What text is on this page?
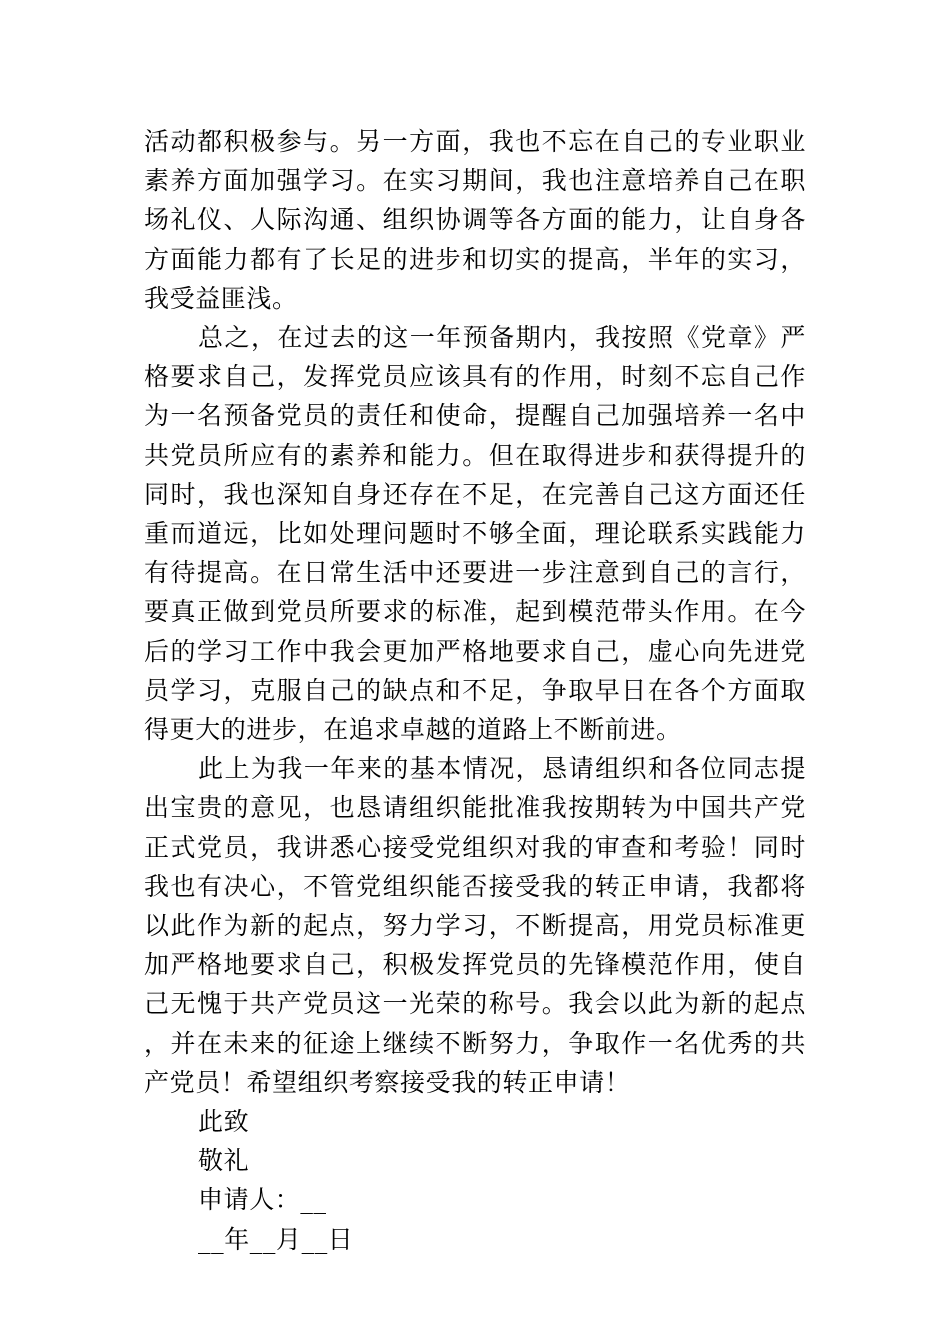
活动都积极参与。另一方面，我也不忘在自己的专业职业素养方面加强学习。在实习期间，我也注意培养自己在职场礼仪、人际沟通、组织协调等各方面的能力，让自身各方面能力都有了长足的进步和切实的提高，半年的实习，我受益匪浅。

总之，在过去的这一年预备期内，我按照《党章》严格要求自己，发挥党员应该具有的作用，时刻不忘自己作为一名预备党员的责任和使命，提醒自己加强培养一名中共党员所应有的素养和能力。但在取得进步和获得提升的同时，我也深知自身还存在不足，在完善自己这方面还任重而道远，比如处理问题时不够全面，理论联系实践能力有待提高。在日常生活中还要进一步注意到自己的言行，要真正做到党员所要求的标准，起到模范带头作用。在今后的学习工作中我会更加严格地要求自己，虚心向先进党员学习，克服自己的缺点和不足，争取早日在各个方面取得更大的进步，在追求卓越的道路上不断前进。

此上为我一年来的基本情况，恳请组织和各位同志提出宝贵的意见，也恳请组织能批准我按期转为中国共产党正式党员，我讲悉心接受党组织对我的审查和考验！同时我也有决心，不管党组织能否接受我的转正申请，我都将以此作为新的起点，努力学习，不断提高，用党员标准更加严格地要求自己，积极发挥党员的先锋模范作用，使自己无愧于共产党员这一光荣的称号。我会以此为新的起点，并在未来的征途上继续不断努力，争取作一名优秀的共产党员！希望组织考察接受我的转正申请！

此致

敬礼

申请人：__

__年__月__日
